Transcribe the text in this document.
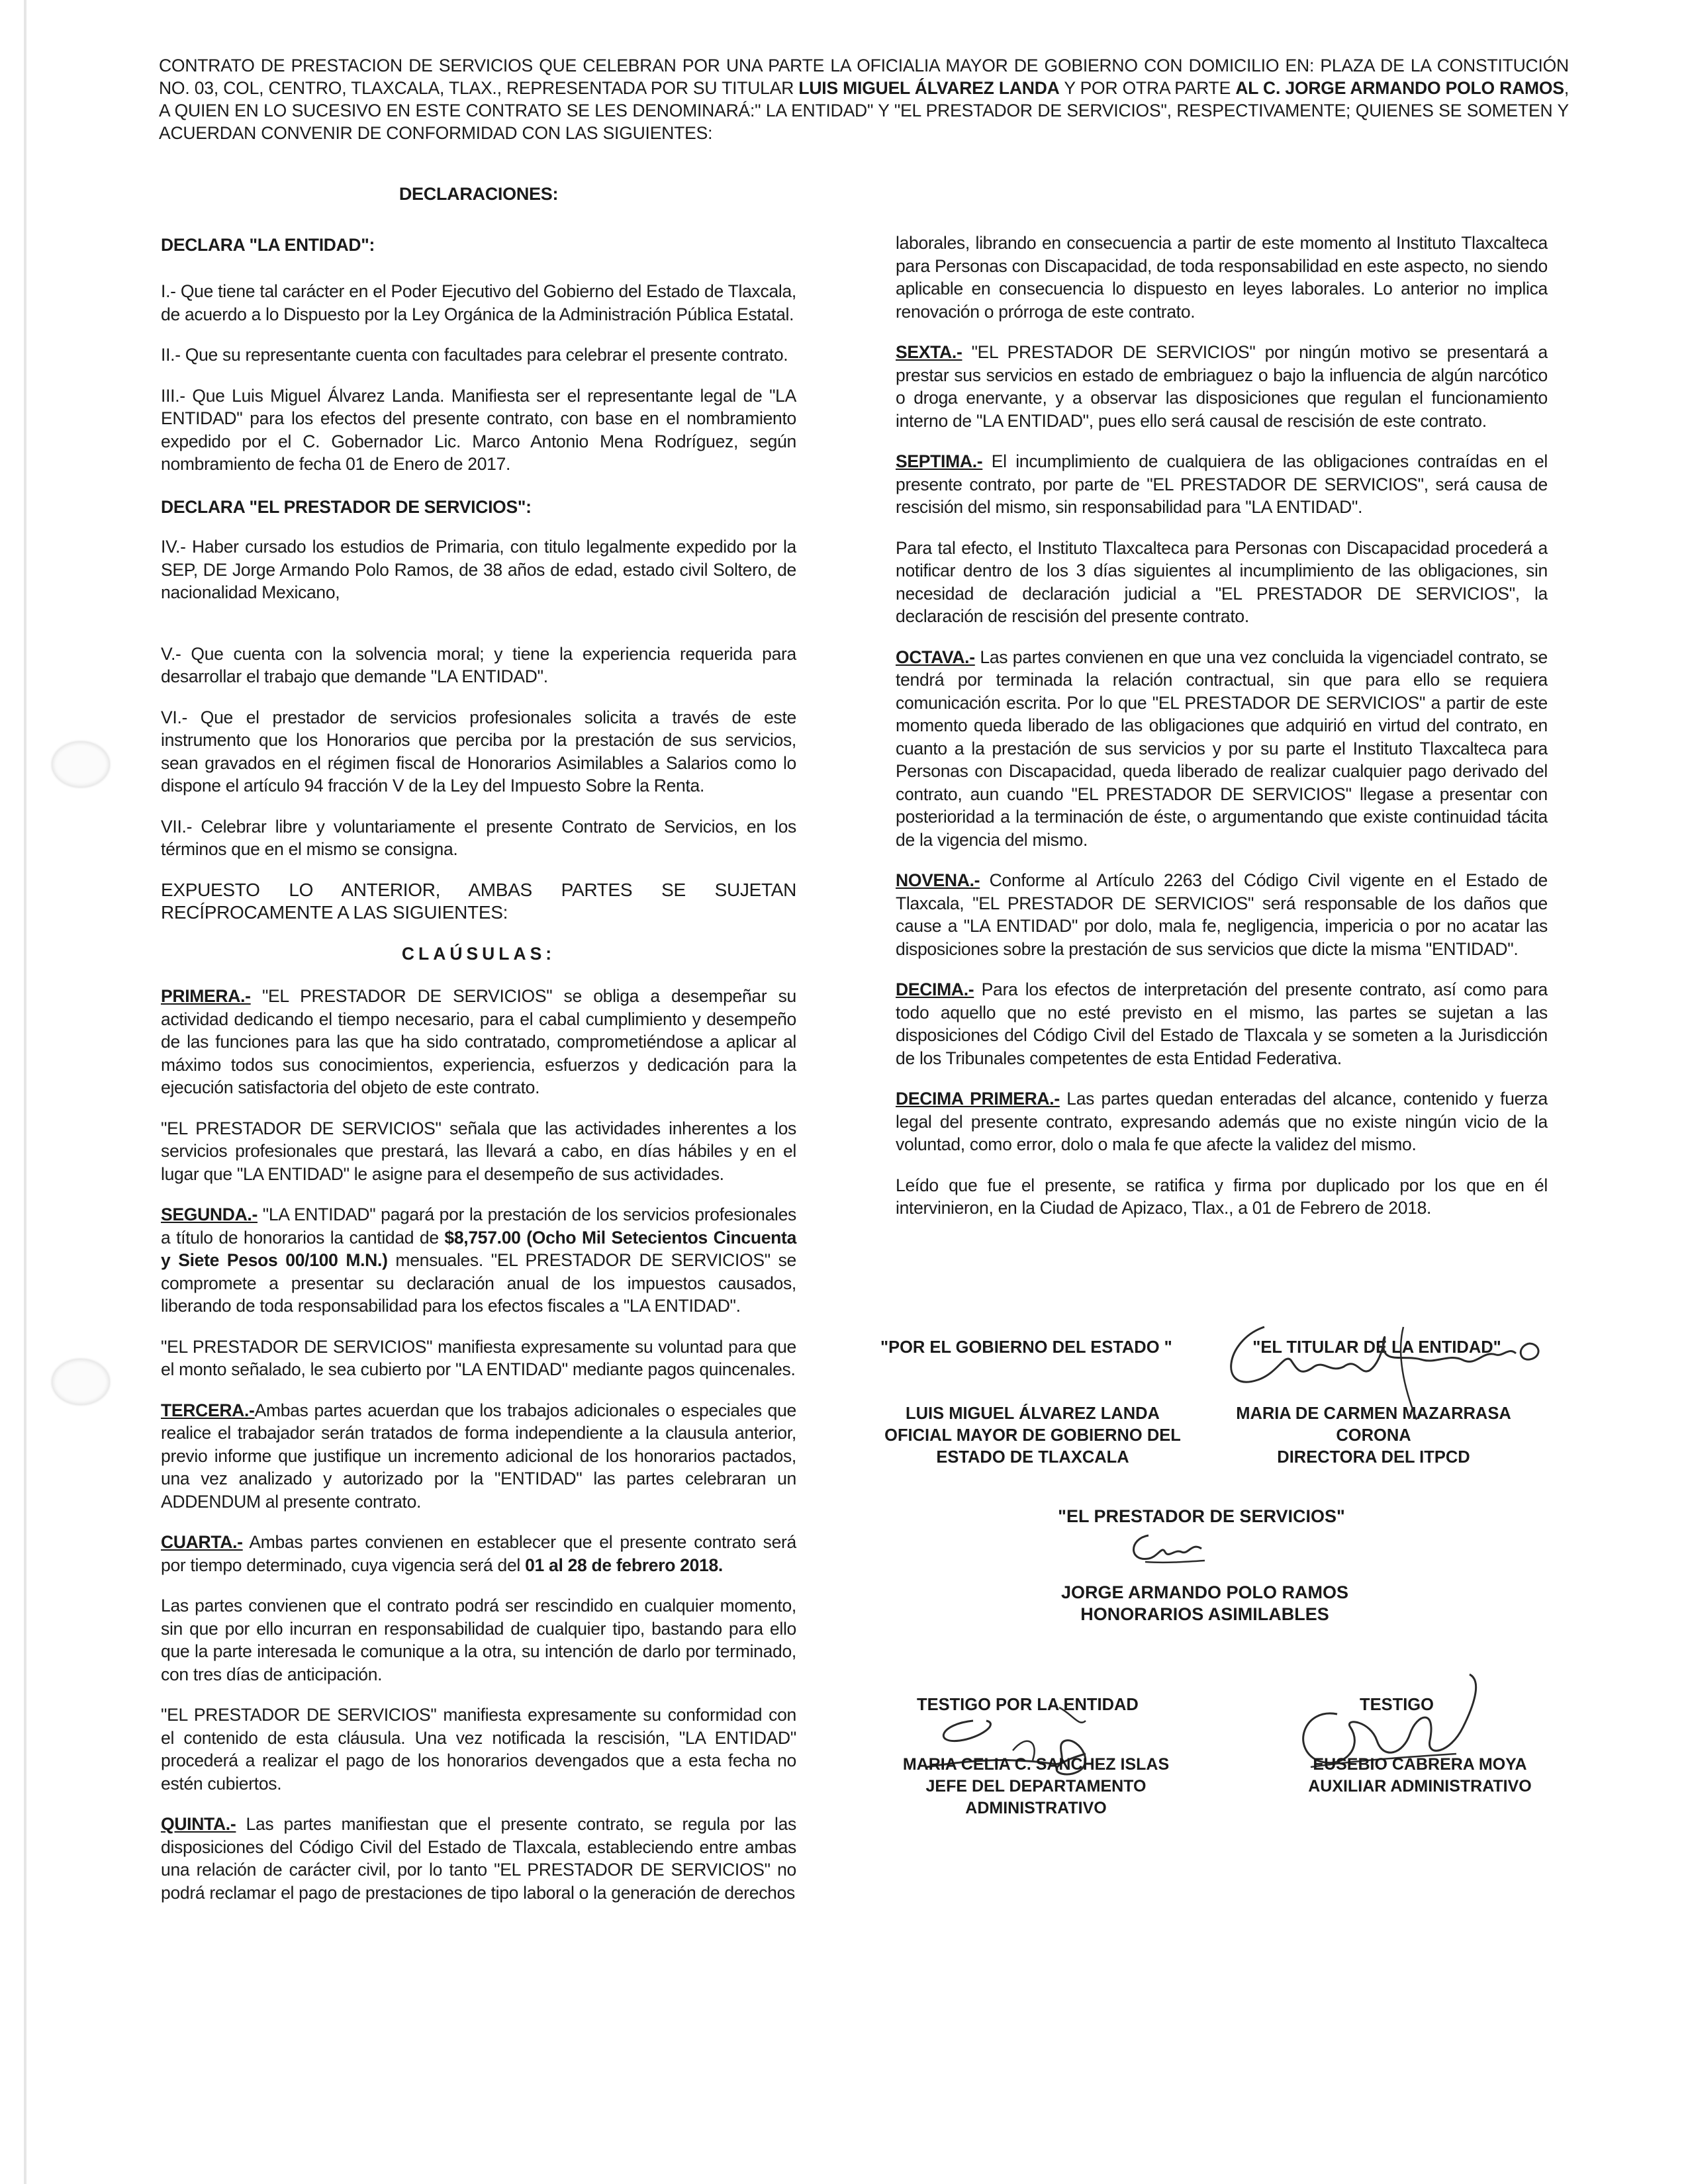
CONTRATO DE PRESTACION DE SERVICIOS QUE CELEBRAN POR UNA PARTE LA OFICIALIA MAYOR DE GOBIERNO CON DOMICILIO EN: PLAZA DE LA CONSTITUCIÓN NO. 03, COL, CENTRO, TLAXCALA, TLAX., REPRESENTADA POR SU TITULAR LUIS MIGUEL ÁLVAREZ LANDA Y POR OTRA PARTE AL C. JORGE ARMANDO POLO RAMOS, A QUIEN EN LO SUCESIVO EN ESTE CONTRATO SE LES DENOMINARÁ:" LA ENTIDAD" Y "EL PRESTADOR DE SERVICIOS", RESPECTIVAMENTE; QUIENES SE SOMETEN Y ACUERDAN CONVENIR DE CONFORMIDAD CON LAS SIGUIENTES:
DECLARACIONES:
DECLARA "LA ENTIDAD":

I.- Que tiene tal carácter en el Poder Ejecutivo del Gobierno del Estado de Tlaxcala, de acuerdo a lo Dispuesto por la Ley Orgánica de la Administración Pública Estatal.

II.- Que su representante cuenta con facultades para celebrar el presente contrato.

III.- Que Luis Miguel Álvarez Landa. Manifiesta ser el representante legal de "LA ENTIDAD" para los efectos del presente contrato, con base en el nombramiento expedido por el C. Gobernador Lic. Marco Antonio Mena Rodríguez, según nombramiento de fecha 01 de Enero de 2017.

DECLARA "EL PRESTADOR DE SERVICIOS":

IV.- Haber cursado los estudios de Primaria, con titulo legalmente expedido por la SEP, DE Jorge Armando Polo Ramos, de 38 años de edad, estado civil Soltero, de nacionalidad Mexicano,

V.- Que cuenta con la solvencia moral; y tiene la experiencia requerida para desarrollar el trabajo que demande "LA ENTIDAD".

VI.- Que el prestador de servicios profesionales solicita a través de este instrumento que los Honorarios que perciba por la prestación de sus servicios, sean gravados en el régimen fiscal de Honorarios Asimilables a Salarios como lo dispone el artículo 94 fracción V de la Ley del Impuesto Sobre la Renta.

VII.- Celebrar libre y voluntariamente el presente Contrato de Servicios, en los términos que en el mismo se consigna.

EXPUESTO LO ANTERIOR, AMBAS PARTES SE SUJETAN RECÍPROCAMENTE A LAS SIGUIENTES:

CLAÚSULAS:

PRIMERA.- "EL PRESTADOR DE SERVICIOS" se obliga a desempeñar su actividad dedicando el tiempo necesario, para el cabal cumplimiento y desempeño de las funciones para las que ha sido contratado, comprometiéndose a aplicar al máximo todos sus conocimientos, experiencia, esfuerzos y dedicación para la ejecución satisfactoria del objeto de este contrato.

"EL PRESTADOR DE SERVICIOS" señala que las actividades inherentes a los servicios profesionales que prestará, las llevará a cabo, en días hábiles y en el lugar que "LA ENTIDAD" le asigne para el desempeño de sus actividades.

SEGUNDA.- "LA ENTIDAD" pagará por la prestación de los servicios profesionales a título de honorarios la cantidad de $8,757.00 (Ocho Mil Setecientos Cincuenta y Siete Pesos 00/100 M.N.) mensuales. "EL PRESTADOR DE SERVICIOS" se compromete a presentar su declaración anual de los impuestos causados, liberando de toda responsabilidad para los efectos fiscales a "LA ENTIDAD".

"EL PRESTADOR DE SERVICIOS" manifiesta expresamente su voluntad para que el monto señalado, le sea cubierto por "LA ENTIDAD" mediante pagos quincenales.

TERCERA.-Ambas partes acuerdan que los trabajos adicionales o especiales que realice el trabajador serán tratados de forma independiente a la clausula anterior, previo informe que justifique un incremento adicional de los honorarios pactados, una vez analizado y autorizado por la "ENTIDAD" las partes celebraran un ADDENDUM al presente contrato.

CUARTA.- Ambas partes convienen en establecer que el presente contrato será por tiempo determinado, cuya vigencia será del 01 al 28 de febrero 2018.

Las partes convienen que el contrato podrá ser rescindido en cualquier momento, sin que por ello incurran en responsabilidad de cualquier tipo, bastando para ello que la parte interesada le comunique a la otra, su intención de darlo por terminado, con tres días de anticipación.

"EL PRESTADOR DE SERVICIOS" manifiesta expresamente su conformidad con el contenido de esta cláusula. Una vez notificada la rescisión, "LA ENTIDAD" procederá a realizar el pago de los honorarios devengados que a esta fecha no estén cubiertos.

QUINTA.- Las partes manifiestan que el presente contrato, se regula por las disposiciones del Código Civil del Estado de Tlaxcala, estableciendo entre ambas una relación de carácter civil, por lo tanto "EL PRESTADOR DE SERVICIOS" no podrá reclamar el pago de prestaciones de tipo laboral o la generación de derechos

laborales, librando en consecuencia a partir de este momento al Instituto Tlaxcalteca para Personas con Discapacidad, de toda responsabilidad en este aspecto, no siendo aplicable en consecuencia lo dispuesto en leyes laborales. Lo anterior no implica renovación o prórroga de este contrato.

SEXTA.- "EL PRESTADOR DE SERVICIOS" por ningún motivo se presentará a prestar sus servicios en estado de embriaguez o bajo la influencia de algún narcótico o droga enervante, y a observar las disposiciones que regulan el funcionamiento interno de "LA ENTIDAD", pues ello será causal de rescisión de este contrato.

SEPTIMA.- El incumplimiento de cualquiera de las obligaciones contraídas en el presente contrato, por parte de "EL PRESTADOR DE SERVICIOS", será causa de rescisión del mismo, sin responsabilidad para "LA ENTIDAD".

Para tal efecto, el Instituto Tlaxcalteca para Personas con Discapacidad procederá a notificar dentro de los 3 días siguientes al incumplimiento de las obligaciones, sin necesidad de declaración judicial a "EL PRESTADOR DE SERVICIOS", la declaración de rescisión del presente contrato.

OCTAVA.- Las partes convienen en que una vez concluida la vigenciadel contrato, se tendrá por terminada la relación contractual, sin que para ello se requiera comunicación escrita. Por lo que "EL PRESTADOR DE SERVICIOS" a partir de este momento queda liberado de las obligaciones que adquirió en virtud del contrato, en cuanto a la prestación de sus servicios y por su parte el Instituto Tlaxcalteca para Personas con Discapacidad, queda liberado de realizar cualquier pago derivado del contrato, aun cuando "EL PRESTADOR DE SERVICIOS" llegase a presentar con posterioridad a la terminación de éste, o argumentando que existe continuidad tácita de la vigencia del mismo.

NOVENA.- Conforme al Artículo 2263 del Código Civil vigente en el Estado de Tlaxcala, "EL PRESTADOR DE SERVICIOS" será responsable de los daños que cause a "LA ENTIDAD" por dolo, mala fe, negligencia, impericia o por no acatar las disposiciones sobre la prestación de sus servicios que dicte la misma "ENTIDAD".

DECIMA.- Para los efectos de interpretación del presente contrato, así como para todo aquello que no esté previsto en el mismo, las partes se sujetan a las disposiciones del Código Civil del Estado de Tlaxcala y se someten a la Jurisdicción de los Tribunales competentes de esta Entidad Federativa.

DECIMA PRIMERA.- Las partes quedan enteradas del alcance, contenido y fuerza legal del presente contrato, expresando además que no existe ningún vicio de la voluntad, como error, dolo o mala fe que afecte la validez del mismo.

Leído que fue el presente, se ratifica y firma por duplicado por los que en él intervinieron, en la Ciudad de Apizaco, Tlax., a 01 de Febrero de 2018.

"POR EL GOBIERNO DEL ESTADO "
LUIS MIGUEL ÁLVAREZ LANDA
OFICIAL MAYOR DE GOBIERNO DEL
ESTADO DE TLAXCALA
"EL TITULAR DE LA ENTIDAD"
MARIA DE CARMEN MAZARRASA
CORONA
DIRECTORA DEL ITPCD
"EL PRESTADOR DE SERVICIOS"
JORGE ARMANDO POLO RAMOS
HONORARIOS ASIMILABLES
TESTIGO POR LA ENTIDAD
MARIA CELIA C. SANCHEZ ISLAS
JEFE DEL DEPARTAMENTO
ADMINISTRATIVO
TESTIGO
EUSEBIO CABRERA MOYA
AUXILIAR ADMINISTRATIVO
